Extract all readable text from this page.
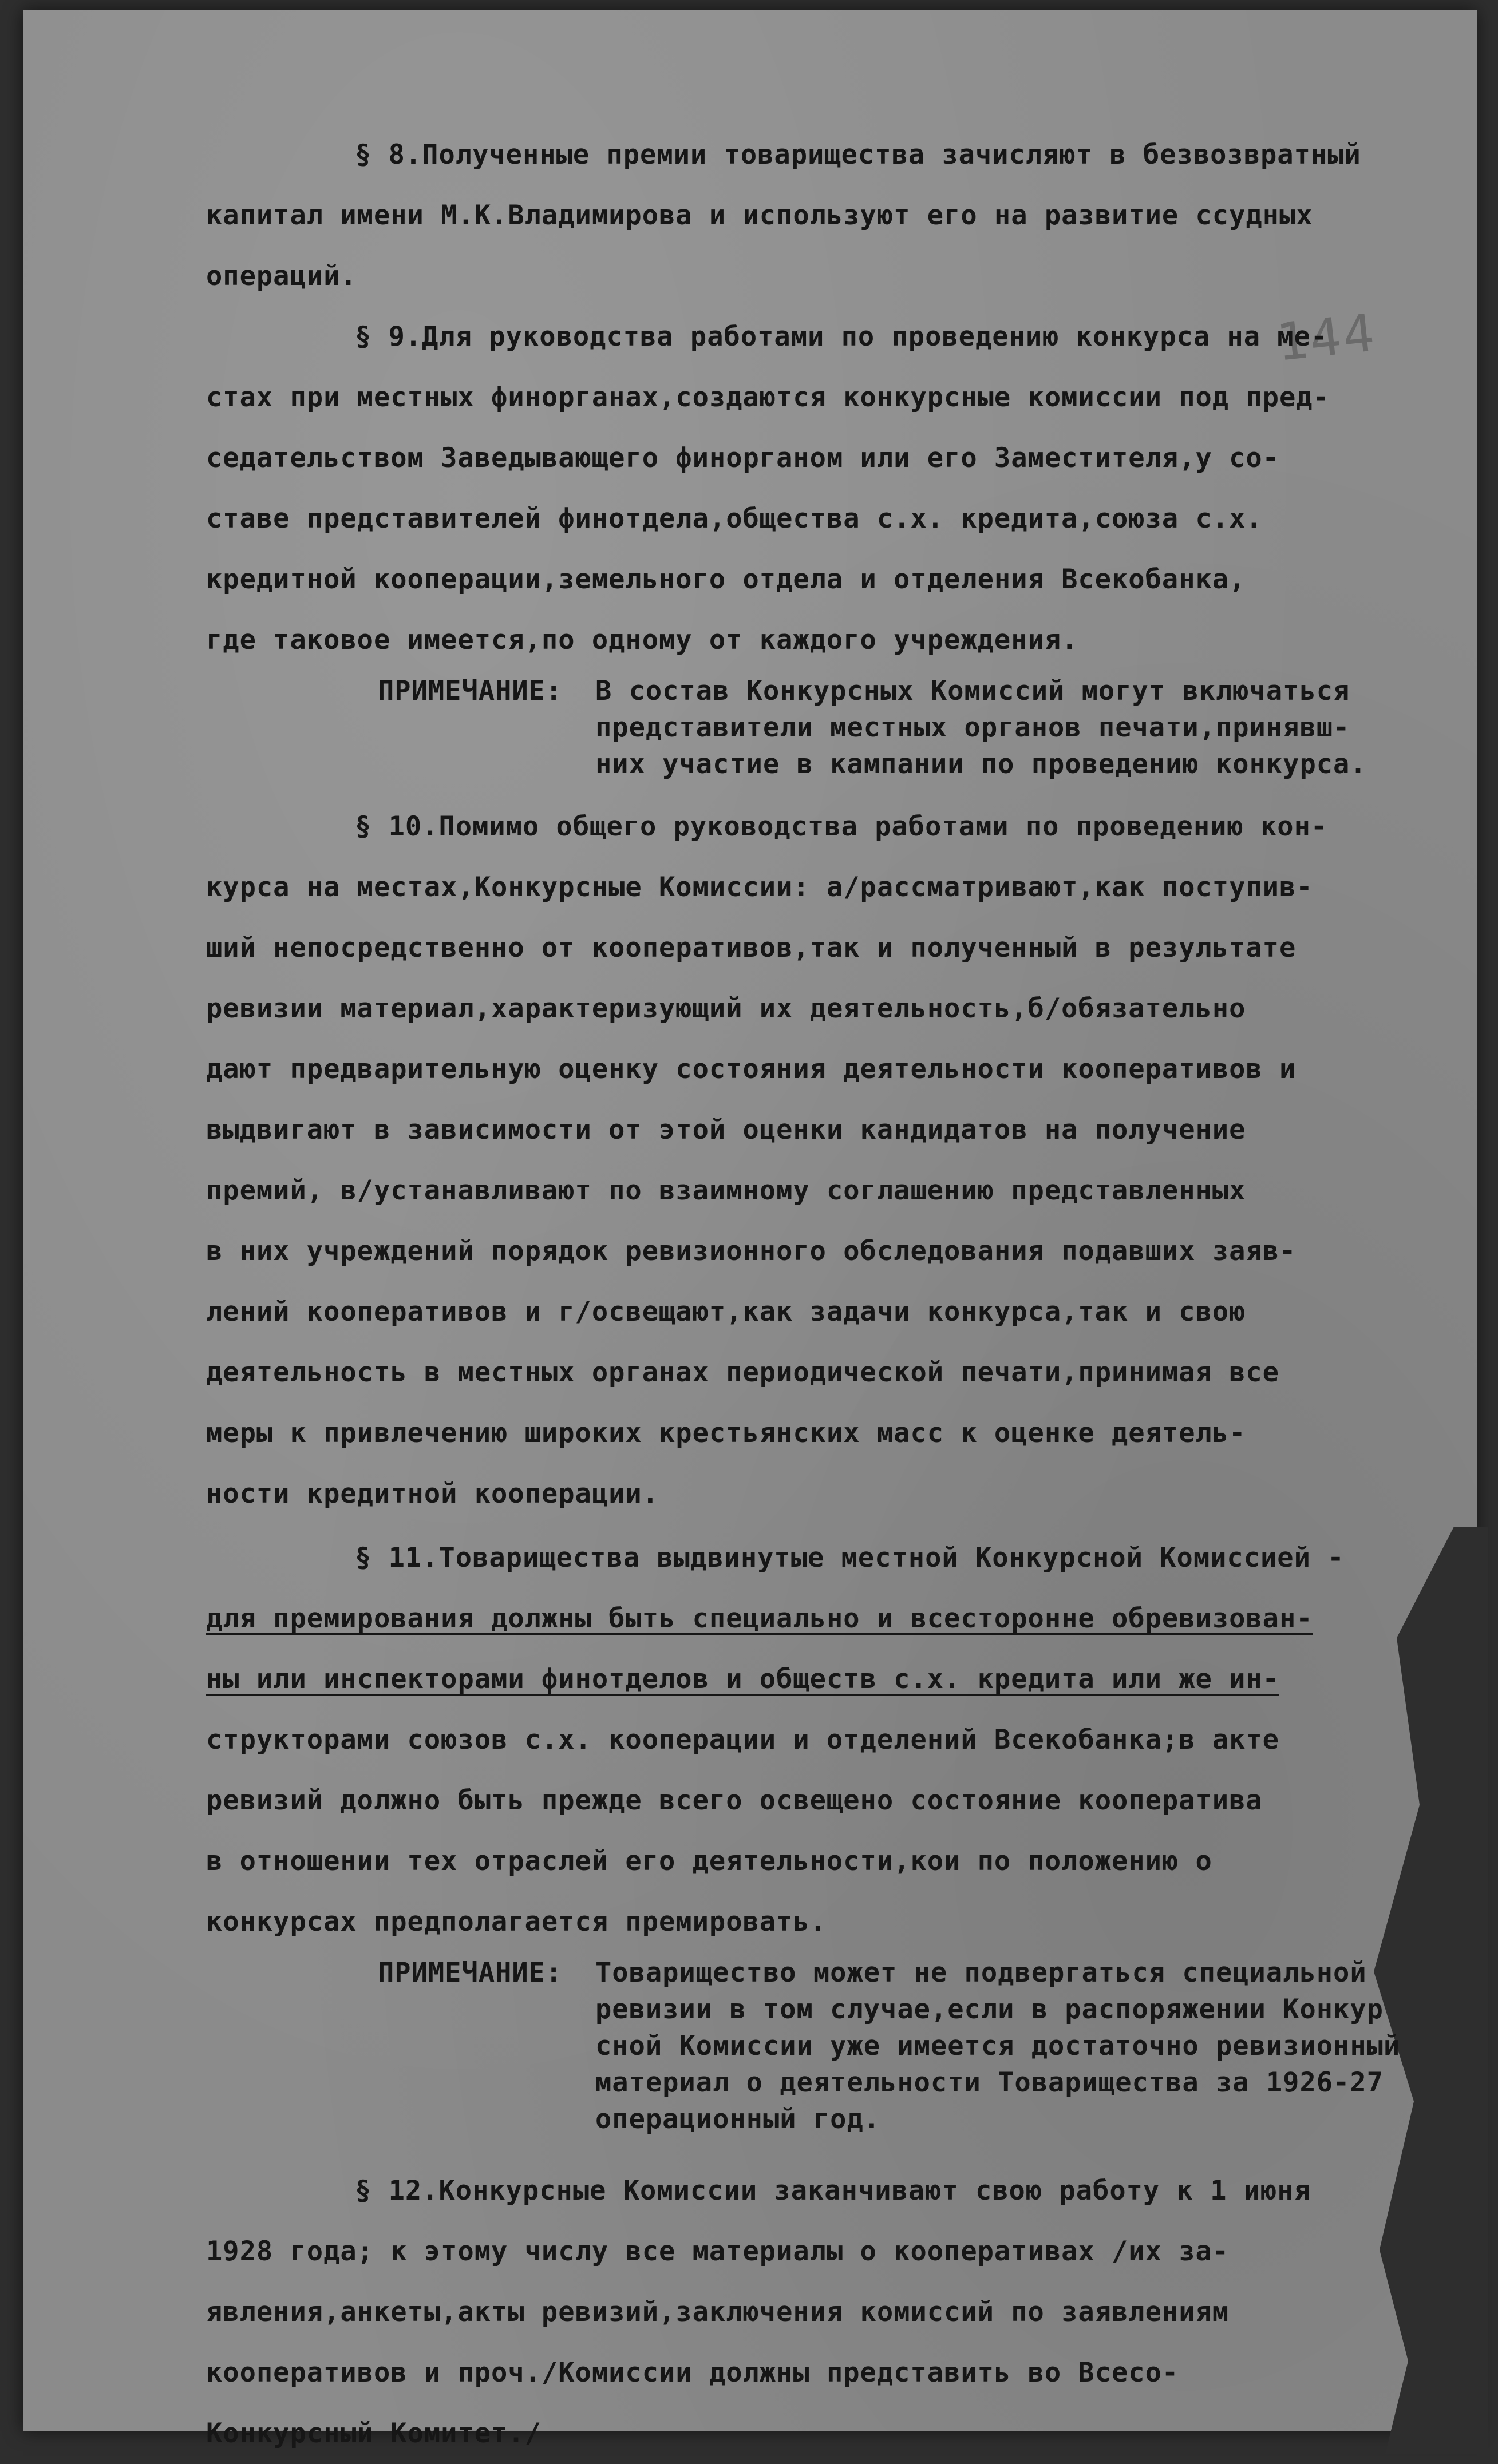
144
§ 8.Полученные премии товарищества зачисляют в безвозвратный
капитал имени М.К.Владимирова и используют его на развитие ссудных
операций.
§ 9.Для руководства работами по проведению конкурса на ме-
стах при местных финорганах,создаются конкурсные комиссии под пред-
седательством Заведывающего финорганом или его Заместителя,у со-
ставе представителей финотдела,общества с.х. кредита,союза с.х.
кредитной кооперации,земельного отдела и отделения Всекобанка,
где таковое имеется,по одному от каждого учреждения.
ПРИМЕЧАНИЕ:	В состав Конкурсных Комиссий могут включаться
представители местных органов печати,принявш-
них участие в кампании по проведению конкурса.
§ 10.Помимо общего руководства работами по проведению кон-
курса на местах,Конкурсные Комиссии: а/рассматривают,как поступив-
ший непосредственно от кооперативов,так и полученный в результате
ревизии материал,характеризующий их деятельность,б/обязательно
дают предварительную оценку состояния деятельности кооперативов и
выдвигают в зависимости от этой оценки кандидатов на получение
премий, в/устанавливают по взаимному соглашению представленных
в них учреждений порядок ревизионного обследования подавших заяв-
лений кооперативов и г/освещают,как задачи конкурса,так и свою
деятельность в местных органах периодической печати,принимая все
меры к привлечению широких крестьянских масс к оценке деятель-
ности кредитной кооперации.
§ 11.Товарищества выдвинутые местной Конкурсной Комиссией -
для премирования должны быть специально и всесторонне обревизован-
ны или инспекторами финотделов и обществ с.х. кредита или же ин-
структорами союзов с.х. кооперации и отделений Всекобанка;в акте
ревизий должно быть прежде всего освещено состояние кооператива
в отношении тех отраслей его деятельности,кои по положению о
конкурсах предполагается премировать.
ПРИМЕЧАНИЕ:	Товарищество может не подвергаться специальной
ревизии в том случае,если в распоряжении Конкур
сной Комиссии уже имеется достаточно ревизионный
материал о деятельности Товарищества за 1926-27
операционный год.
§ 12.Конкурсные Комиссии заканчивают свою работу к 1 июня
1928 года; к этому числу все материалы о кооперативах /их за-
явления,анкеты,акты ревизий,заключения комиссий по заявлениям
кооперативов и проч./Комиссии должны представить во Всесо-
Конкурсный Комитет./
